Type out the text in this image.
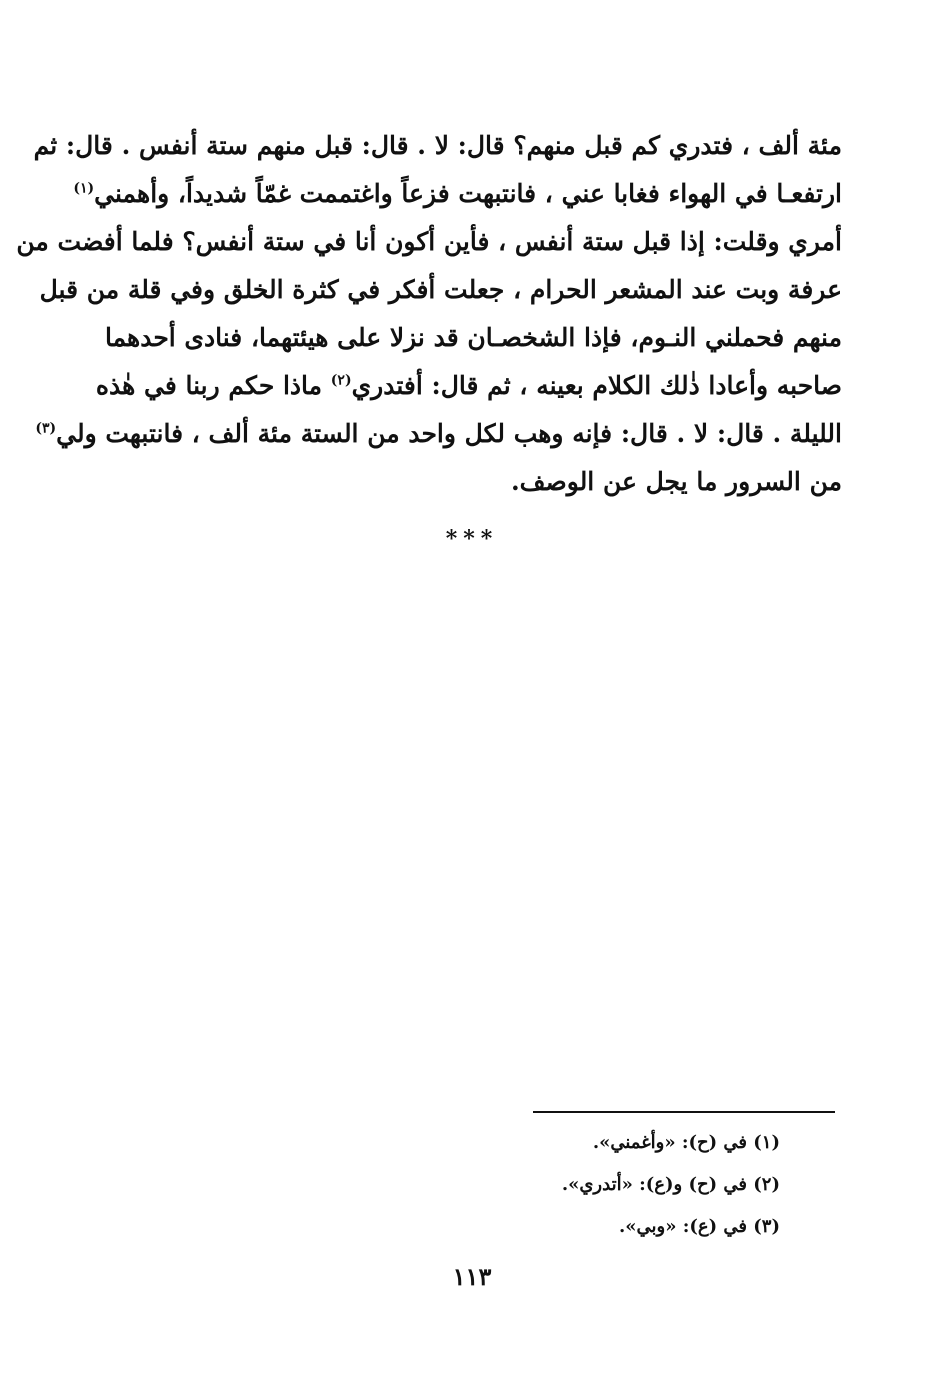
مئة ألف ، فتدري كم قبل منهم؟ قال: لا . قال: قبل منهم ستة أنفس . قال: ثم
ارتفعـا في الهواء فغابا عني ، فانتبهت فزعاً واغتممت غمّاً شديداً، وأهمني$^{(١)}$
أمري وقلت: إذا قبل ستة أنفس ، فأين أكون أنا في ستة أنفس؟ فلما أفضت من
عرفة وبت عند المشعر الحرام ، جعلت أفكر في كثرة الخلق وفي قلة من قبل
منهم فحملني النـوم، فإذا الشخصـان قد نزلا على هيئتهما، فنادى أحدهما
صاحبه وأعادا ذٰلك الكلام بعينه ، ثم قال: أفتدري$^{(٢)}$ ماذا حكم ربنا في هٰذه
الليلة . قال: لا . قال: فإنه وهب لكل واحد من الستة مئة ألف ، فانتبهت ولي$^{(٣)}$
من السرور ما يجل عن الوصف.
***
(١) في (ح): «وأغمني».
(٢) في (ح) و(ع): «أتدري».
(٣) في (ع): «وبي».
١١٣
